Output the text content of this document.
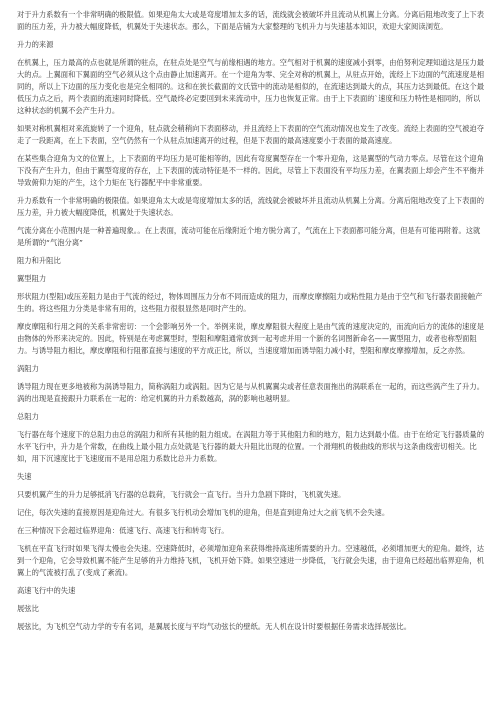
对于升力系数有一个非常明确的极限值。如果迎角太大或是弯度增加太多的话，流线就会被破坏并且流动从机翼上分离。分离后阻地改变了上下表面的压力差，升力被大幅度降低，机翼处于失速状态。那么，下面是店铺为大家整理的飞机升力与失速基本知识，欢迎大家阅读浏览。

升力的来源

在机翼上，压力最高的点也就是所谓的驻点，在驻点处是空气与前缘相遇的地方。空气相对于机翼的速度减小到零，由伯努利定理知道这是压力最大的点。上翼面和下翼面的空气必须从这个点由静止加速离开。在一个迎角为零、完全对称的机翼上，从驻点开始，流经上下边面的气流速度是相同的，所以上下边面的压力变化也是完全相同的。这和在狭长截面的文氏管中的流动是相似的，在流速达到最大的点，其压力达到最低。在这个最低压力点之后，两个表面的流速同时降低。空气最终必定要回到未来流动中，压力也恢复正常。由于上下表面的`速度和压力特性是相同的，所以这种状态的机翼不会产生升力。

如果对称机翼相对来流旋转了一个迎角，驻点就会稍稍向下表面移动，并且流经上下表面的空气流动情况也发生了改变。流经上表面的空气被迫夺走了一段距离，在上下表面，空气仍然有一个从驻点加速离开的过程，但是下表面的最高速度要小于表面的最高速度。

在某些集合迎角为文的位置上，上下表面的平均压力是可能相等的，因此有弯度翼型存在一个零升迎角，这是翼型的气动力零点。尽管在这个迎角下没有产生升力，但由于翼型弯度的存在，上下表面的流动特征是不一样的。因此，尽管上下表面没有平均压力差，在翼表面上却会产生不平衡并导致俯仰力矩的产生，这个力矩在飞行器配平中非常重要。

升力系数有一个非常明确的极限值。如果迎角太大或是弯度增加太多的话，流线就会被破坏并且流动从机翼上分离。分离后阻地改变了上下表面的压力差，升力被大幅度降低，机翼处于失速状态。

气流分离在小范围内是一种普遍现象。。在上表面，流动可能在后缘附近个地方脱分离了，气流在上下表面都可能分离，但是有可能再附着。这就是所谓的“气泡分离”

阻力和升阻比

翼型阻力

形状阻力(型阻)或压差阻力是由于气流的经过，物体周围压力分布不同而造成的阻力，而摩皮摩擦阻力或粘性阻力是由于空气和飞行器表面接触产生的。将这些阻力分类是非常有用的，这些阻力很很显然是同时产生的。

摩皮摩阻和行用之间的关系非常密切：一个会影响另外一个。举例来说，摩皮摩阻很大程度上是由气流的速度决定的，而流向后方的流体的速度是由物体的外形来决定的。因此，特别是在考虑翼型时，型阻和摩阻通常放到一起考虑并用一个新的名词图新命名——翼型阻力，或者也称型面阻力。与诱导阻力相比，摩皮摩阻和行阻都直接与速度的平方成正比，所以，当速度增加而诱导阻力减小时，型阻和摩皮摩擦增加，反之亦然。

涡阻力

诱导阻力现在更多地被称为涡诱导阻力，简称涡阻力或涡阻。因为它是与从机翼翼尖或者任意表面拖出的涡联系在一起的，而这些涡产生了升力。涡的出现是直接跟升力联系在一起的：给定机翼的升力系数越高，涡的影响也越明显。

总阻力

飞行器在每个速度下的总阻力由总的涡阻力和所有其他的阻力组成。在涡阻力等于其他阻力和的地方，阻力达到最小值。由于在给定飞行器质量的水平飞行中，升力是个常数，在曲线上最小阻力点处就是飞行器的最大升阻比出现的位置。一个滑翔机的极曲线的形状与这条曲线密切相关。比如，用下沉速度比于飞速度而不是用总阻力系数比总升力系数。

失速

只要机翼产生的升力足够抵消飞行器的总载荷，飞行就会一直飞行。当升力急剧下降时，飞机就失速。

记住，每次失速的直接原因是迎角过大。有很多飞行机动会增加飞机的迎角，但是直到迎角过大之前飞机不会失速。

在三种情况下会超过临界迎角：低速飞行、高速飞行和转弯飞行。

飞机在平直飞行时如果飞得太慢也会失速。空速降低时，必须增加迎角来获得维持高速所需要的升力。空速越低，必须增加更大的迎角。最终，达到一个迎角，它会导致机翼不能产生足够的升力维持飞机，飞机开始下降。如果空速进一步降低，飞行就会失速，由于迎角已经超出临界迎角，机翼上的气流被打乱了(变成了紊流)。

高速飞行中的失速

展弦比

展弦比，为飞机空气动力学的专有名词，是翼展长度与平均气动弦长的壁纸。无人机在设计时要根据任务需求选择展弦比。
